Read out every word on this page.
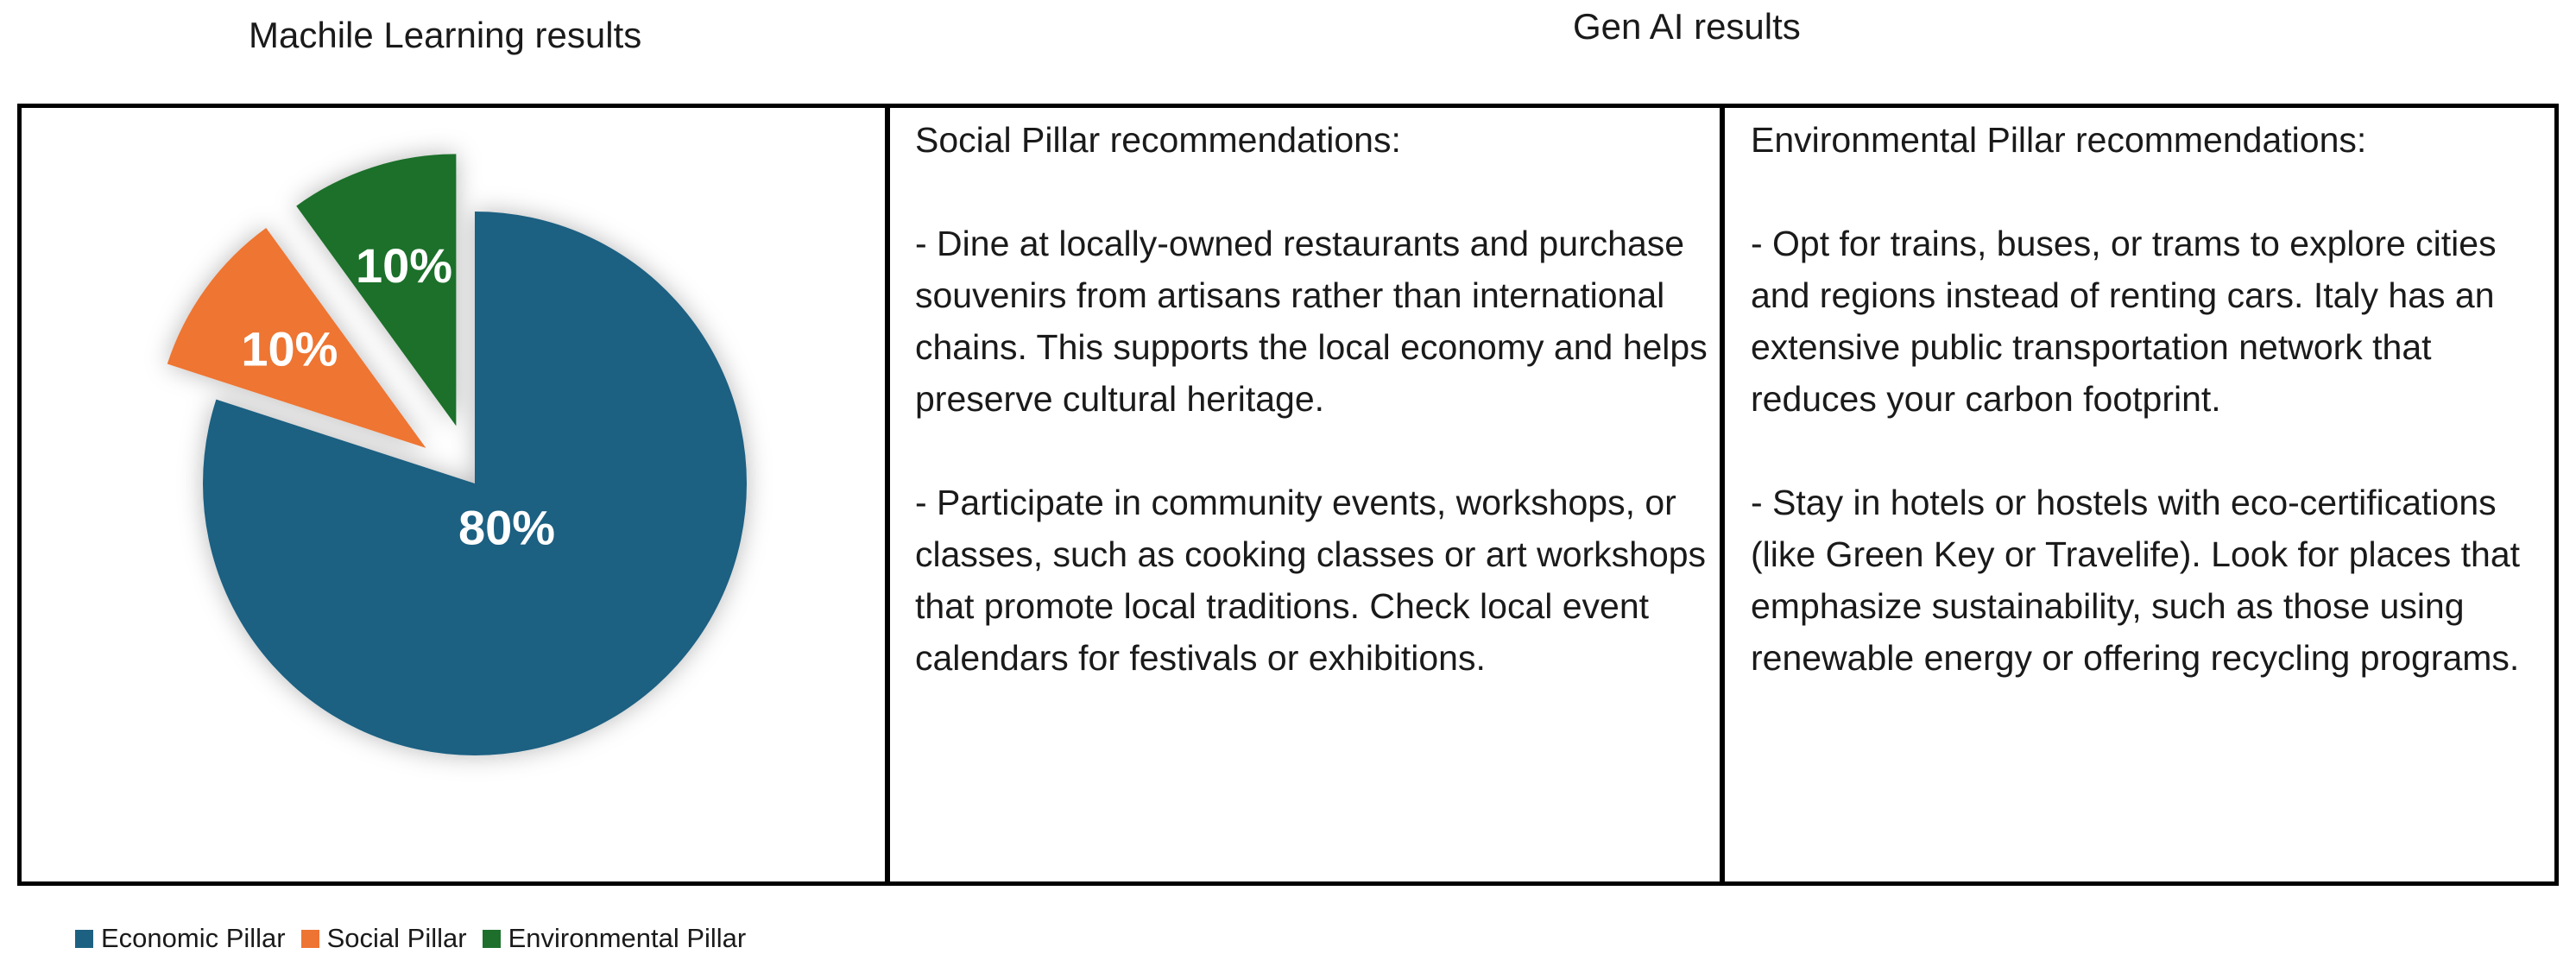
Machile Learning results	Gen AI results
80%
10%
10%
Economic Pillar Social Pillar Environmental Pillar

Social Pillar recommendations:

- Dine at locally-owned restaurants and purchase souvenirs from artisans rather than international chains. This supports the local economy and helps preserve cultural heritage.

- Participate in community events, workshops, or classes, such as cooking classes or art workshops that promote local traditions. Check local event calendars for festivals or exhibitions.

Environmental Pillar recommendations:

- Opt for trains, buses, or trams to explore cities and regions instead of renting cars. Italy has an extensive public transportation network that reduces your carbon footprint.

- Stay in hotels or hostels with eco-certifications (like Green Key or Travelife). Look for places that emphasize sustainability, such as those using renewable energy or offering recycling programs.
